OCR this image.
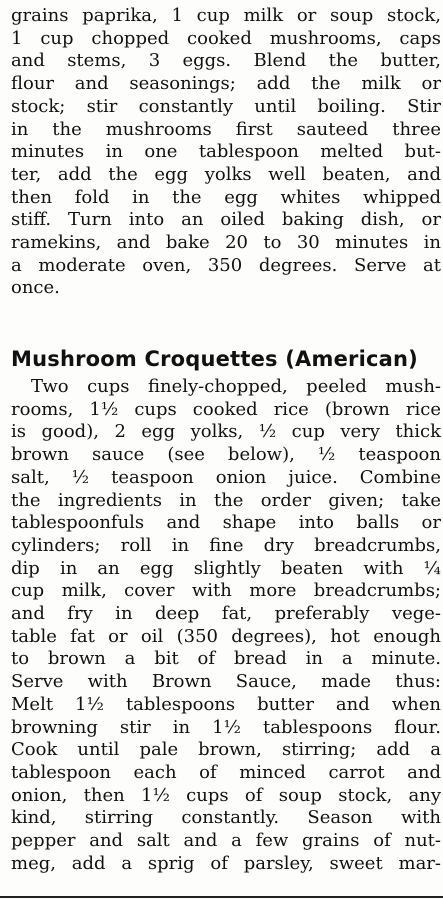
grains paprika, 1 cup milk or soup stock,
1 cup chopped cooked mushrooms, caps
and stems, 3 eggs. Blend the butter,
flour and seasonings; add the milk or
stock; stir constantly until boiling. Stir
in the mushrooms first sauteed three
minutes in one tablespoon melted but-
ter, add the egg yolks well beaten, and
then fold in the egg whites whipped
stiff. Turn into an oiled baking dish, or
ramekins, and bake 20 to 30 minutes in
a moderate oven, 350 degrees. Serve at
once.

Mushroom Croquettes (American)

Two cups finely-chopped, peeled mush-
rooms, 1½ cups cooked rice (brown rice
is good), 2 egg yolks, ½ cup very thick
brown sauce (see below), ½ teaspoon
salt, ½ teaspoon onion juice. Combine
the ingredients in the order given; take
tablespoonfuls and shape into balls or
cylinders; roll in fine dry breadcrumbs,
dip in an egg slightly beaten with ¼
cup milk, cover with more breadcrumbs;
and fry in deep fat, preferably vege-
table fat or oil (350 degrees), hot enough
to brown a bit of bread in a minute.
Serve with Brown Sauce, made thus:
Melt 1½ tablespoons butter and when
browning stir in 1½ tablespoons flour.
Cook until pale brown, stirring; add a
tablespoon each of minced carrot and
onion, then 1½ cups of soup stock, any
kind, stirring constantly. Season with
pepper and salt and a few grains of nut-
meg, add a sprig of parsley, sweet mar-
